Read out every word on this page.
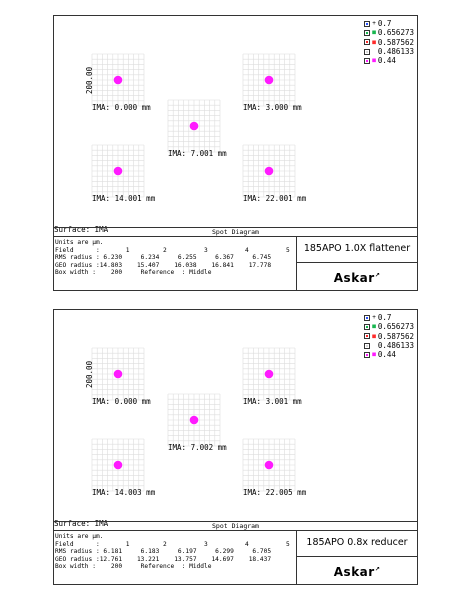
+ 0.7
■ 0.656273
■ 0.587562

0.486133
■ 0.44
200.00
IMA: 0.000 mm	IMA: 3.000 mm
IMA: 7.001 mm
IMA: 14.001 mm	IMA: 22.001 mm
Surface: IMA	Spot Diagram
Units are µm.
Field      :       1         2          3          4          5
RMS radius : 6.230     6.234     6.255     6.367     6.745
GEO radius :14.803    15.407    16.038    16.841    17.778
Box width :    200     Reference  : Middle
185APO 1.0X flattener
Askar↗
+ 0.7
■ 0.656273
■ 0.587562

0.486133
■ 0.44
200.00
IMA: 0.000 mm	IMA: 3.001 mm
IMA: 7.002 mm
IMA: 14.003 mm	IMA: 22.005 mm
Surface: IMA	Spot Diagram
Units are µm.
Field      :       1         2          3          4          5
RMS radius : 6.181     6.183     6.197     6.299     6.705
GEO radius :12.761    13.221    13.757    14.697    18.437
Box width :    200     Reference  : Middle
185APO 0.8x reducer
Askar↗
